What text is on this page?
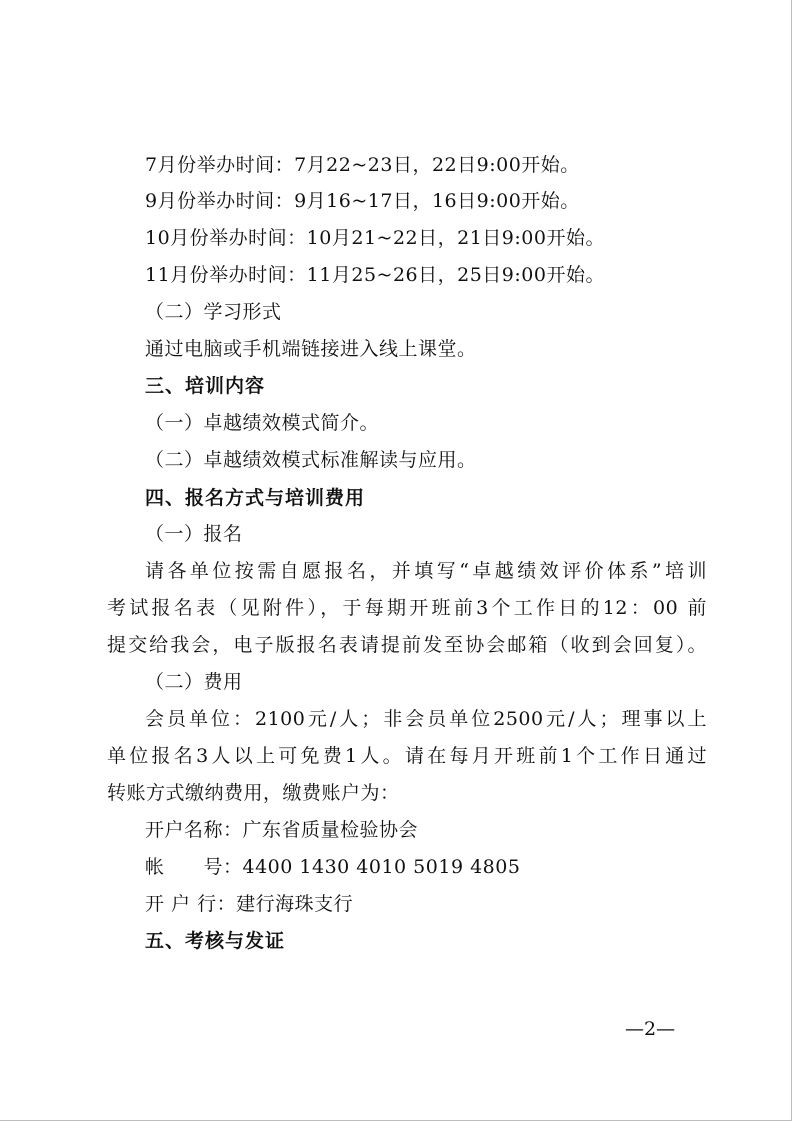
7月份举办时间：7月22~23日，22日9:00开始。
9月份举办时间：9月16~17日，16日9:00开始。
10月份举办时间：10月21~22日，21日9:00开始。
11月份举办时间：11月25~26日，25日9:00开始。
（二）学习形式
通过电脑或手机端链接进入线上课堂。
三、培训内容
（一）卓越绩效模式简介。
（二）卓越绩效模式标准解读与应用。
四、报名方式与培训费用
（一）报名
请各单位按需自愿报名，并填写“卓越绩效评价体系”培训
考试报名表（见附件），于每期开班前3个工作日的12：00 前
提交给我会，电子版报名表请提前发至协会邮箱（收到会回复）。
（二）费用
会员单位：2100元/人；非会员单位2500元/人；理事以上
单位报名3人以上可免费1人。请在每月开班前1个工作日通过
转账方式缴纳费用，缴费账户为：
开户名称：广东省质量检验协会
帐　　号：4400 1430 4010 5019 4805
开 户 行：建行海珠支行
五、考核与发证
—2—
